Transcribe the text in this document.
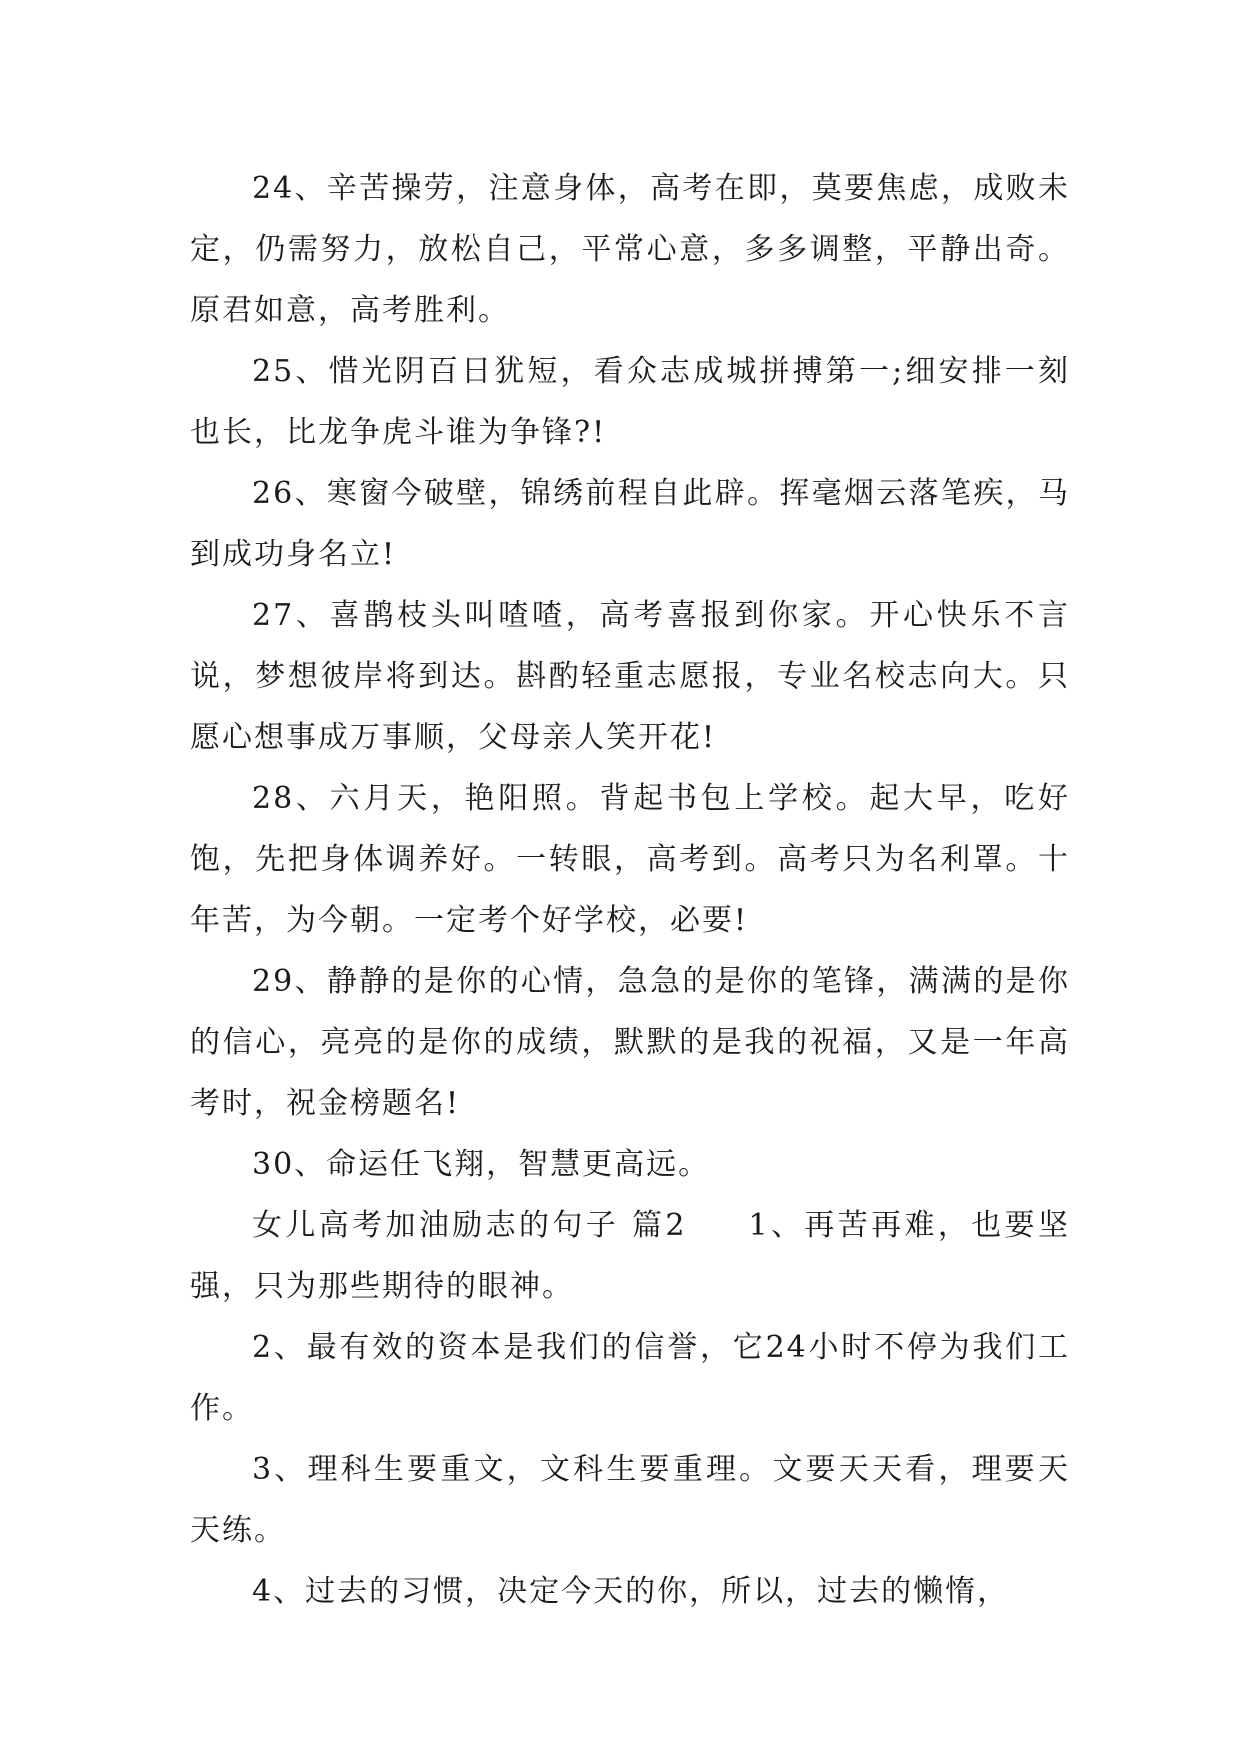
24、辛苦操劳，注意身体，高考在即，莫要焦虑，成败未定，仍需努力，放松自己，平常心意，多多调整，平静出奇。原君如意，高考胜利。

25、惜光阴百日犹短，看众志成城拼搏第一;细安排一刻也长，比龙争虎斗谁为争锋?!

26、寒窗今破壁，锦绣前程自此辟。挥毫烟云落笔疾，马到成功身名立!

27、喜鹊枝头叫喳喳，高考喜报到你家。开心快乐不言说，梦想彼岸将到达。斟酌轻重志愿报，专业名校志向大。只愿心想事成万事顺，父母亲人笑开花!

28、六月天，艳阳照。背起书包上学校。起大早，吃好饱，先把身体调养好。一转眼，高考到。高考只为名利罩。十年苦，为今朝。一定考个好学校，必要!

29、静静的是你的心情，急急的是你的笔锋，满满的是你的信心，亮亮的是你的成绩，默默的是我的祝福，又是一年高考时，祝金榜题名!

30、命运任飞翔，智慧更高远。

女儿高考加油励志的句子 篇2 1、再苦再难，也要坚强，只为那些期待的眼神。

2、最有效的资本是我们的信誉，它24小时不停为我们工作。

3、理科生要重文，文科生要重理。文要天天看，理要天天练。

4、过去的习惯，决定今天的你，所以，过去的懒惰，
